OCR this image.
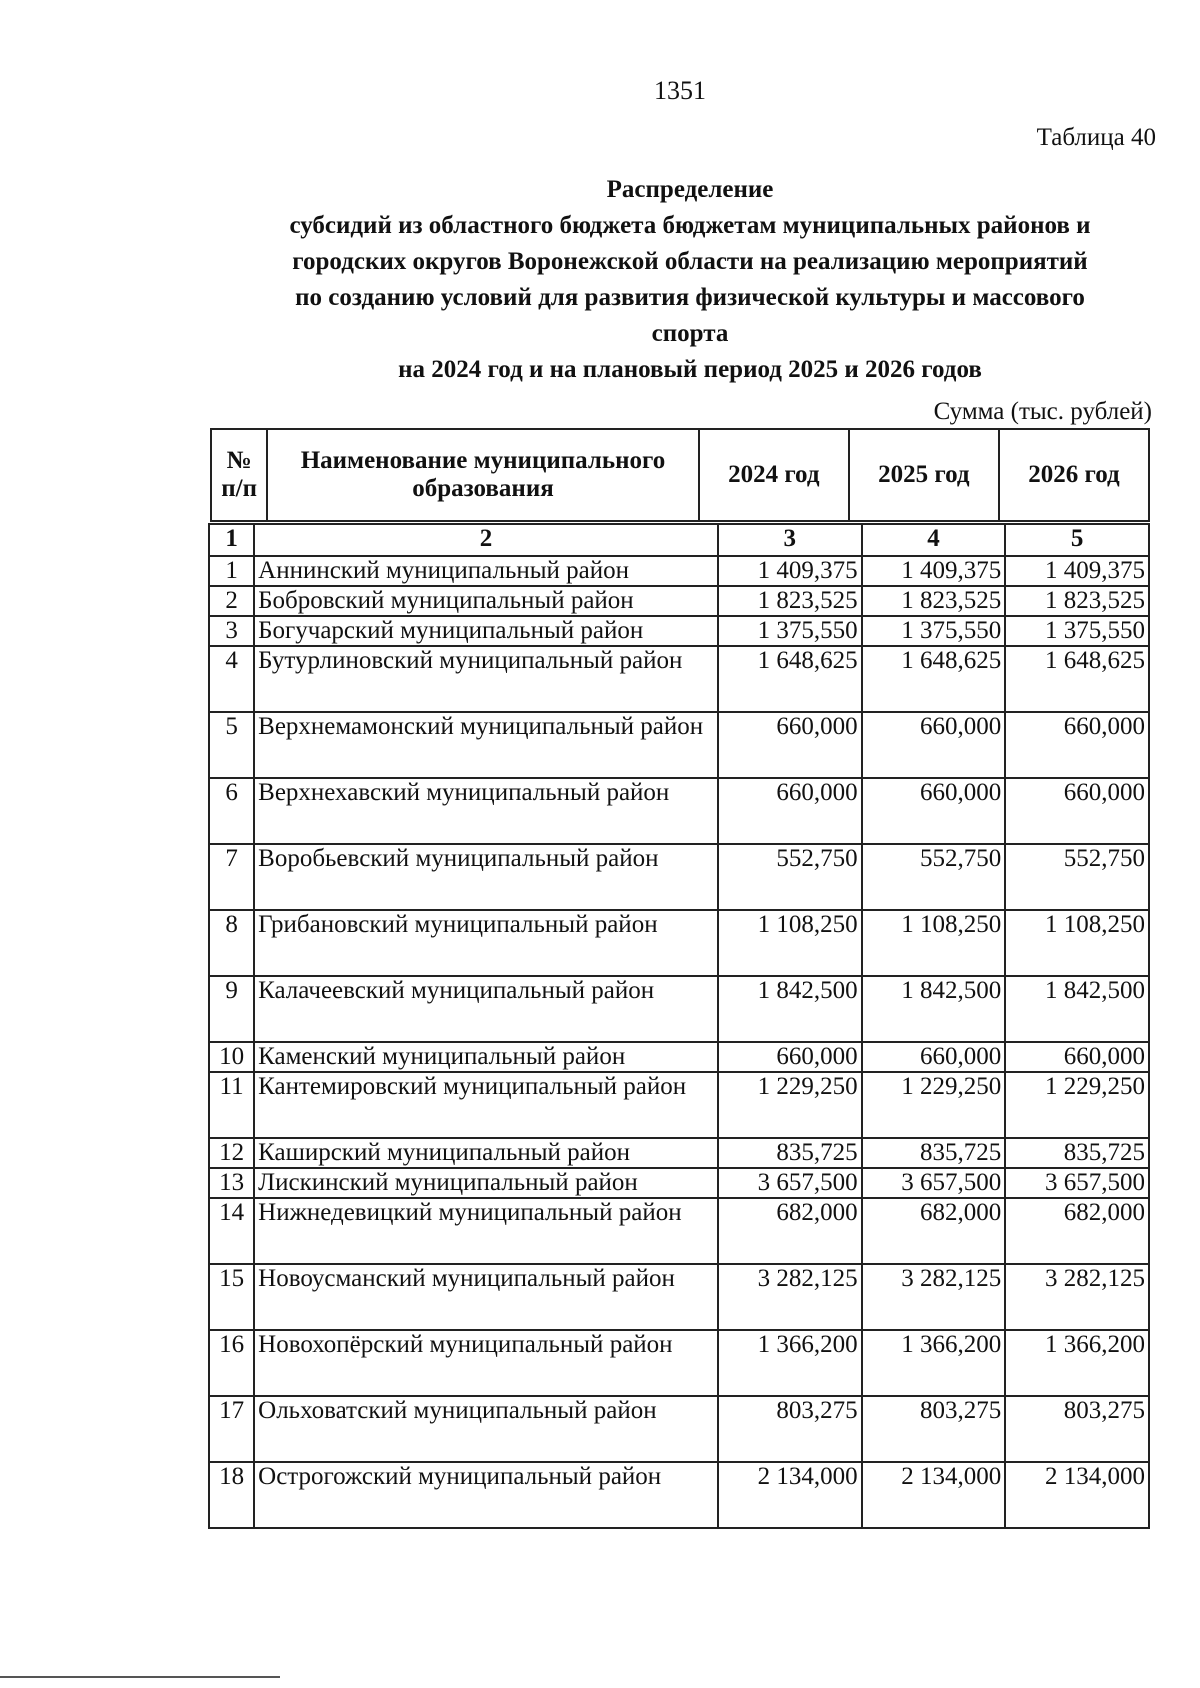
1351
Таблица 40
Распределение
субсидий из областного бюджета бюджетам муниципальных районов и
городских округов Воронежской области на реализацию мероприятий
по созданию условий для развития физической культуры и массового
спорта
на 2024 год и на плановый период 2025 и 2026 годов
Сумма (тыс. рублей)
№ п/п	Наименование муниципального образования	2024 год	2025 год	2026 год
1	2	3	4	5
1	Аннинский муниципальный район	1 409,375	1 409,375	1 409,375
2	Бобровский муниципальный район	1 823,525	1 823,525	1 823,525
3	Богучарский муниципальный район	1 375,550	1 375,550	1 375,550
4	Бутурлиновский муниципальный район	1 648,625	1 648,625	1 648,625
5	Верхнемамонский муниципальный район	660,000	660,000	660,000
6	Верхнехавский муниципальный район	660,000	660,000	660,000
7	Воробьевский муниципальный район	552,750	552,750	552,750
8	Грибановский муниципальный район	1 108,250	1 108,250	1 108,250
9	Калачеевский муниципальный район	1 842,500	1 842,500	1 842,500
10	Каменский муниципальный район	660,000	660,000	660,000
11	Кантемировский муниципальный район	1 229,250	1 229,250	1 229,250
12	Каширский муниципальный район	835,725	835,725	835,725
13	Лискинский муниципальный район	3 657,500	3 657,500	3 657,500
14	Нижнедевицкий муниципальный район	682,000	682,000	682,000
15	Новоусманский муниципальный район	3 282,125	3 282,125	3 282,125
16	Новохопёрский муниципальный район	1 366,200	1 366,200	1 366,200
17	Ольховатский муниципальный район	803,275	803,275	803,275
18	Острогожский муниципальный район	2 134,000	2 134,000	2 134,000
